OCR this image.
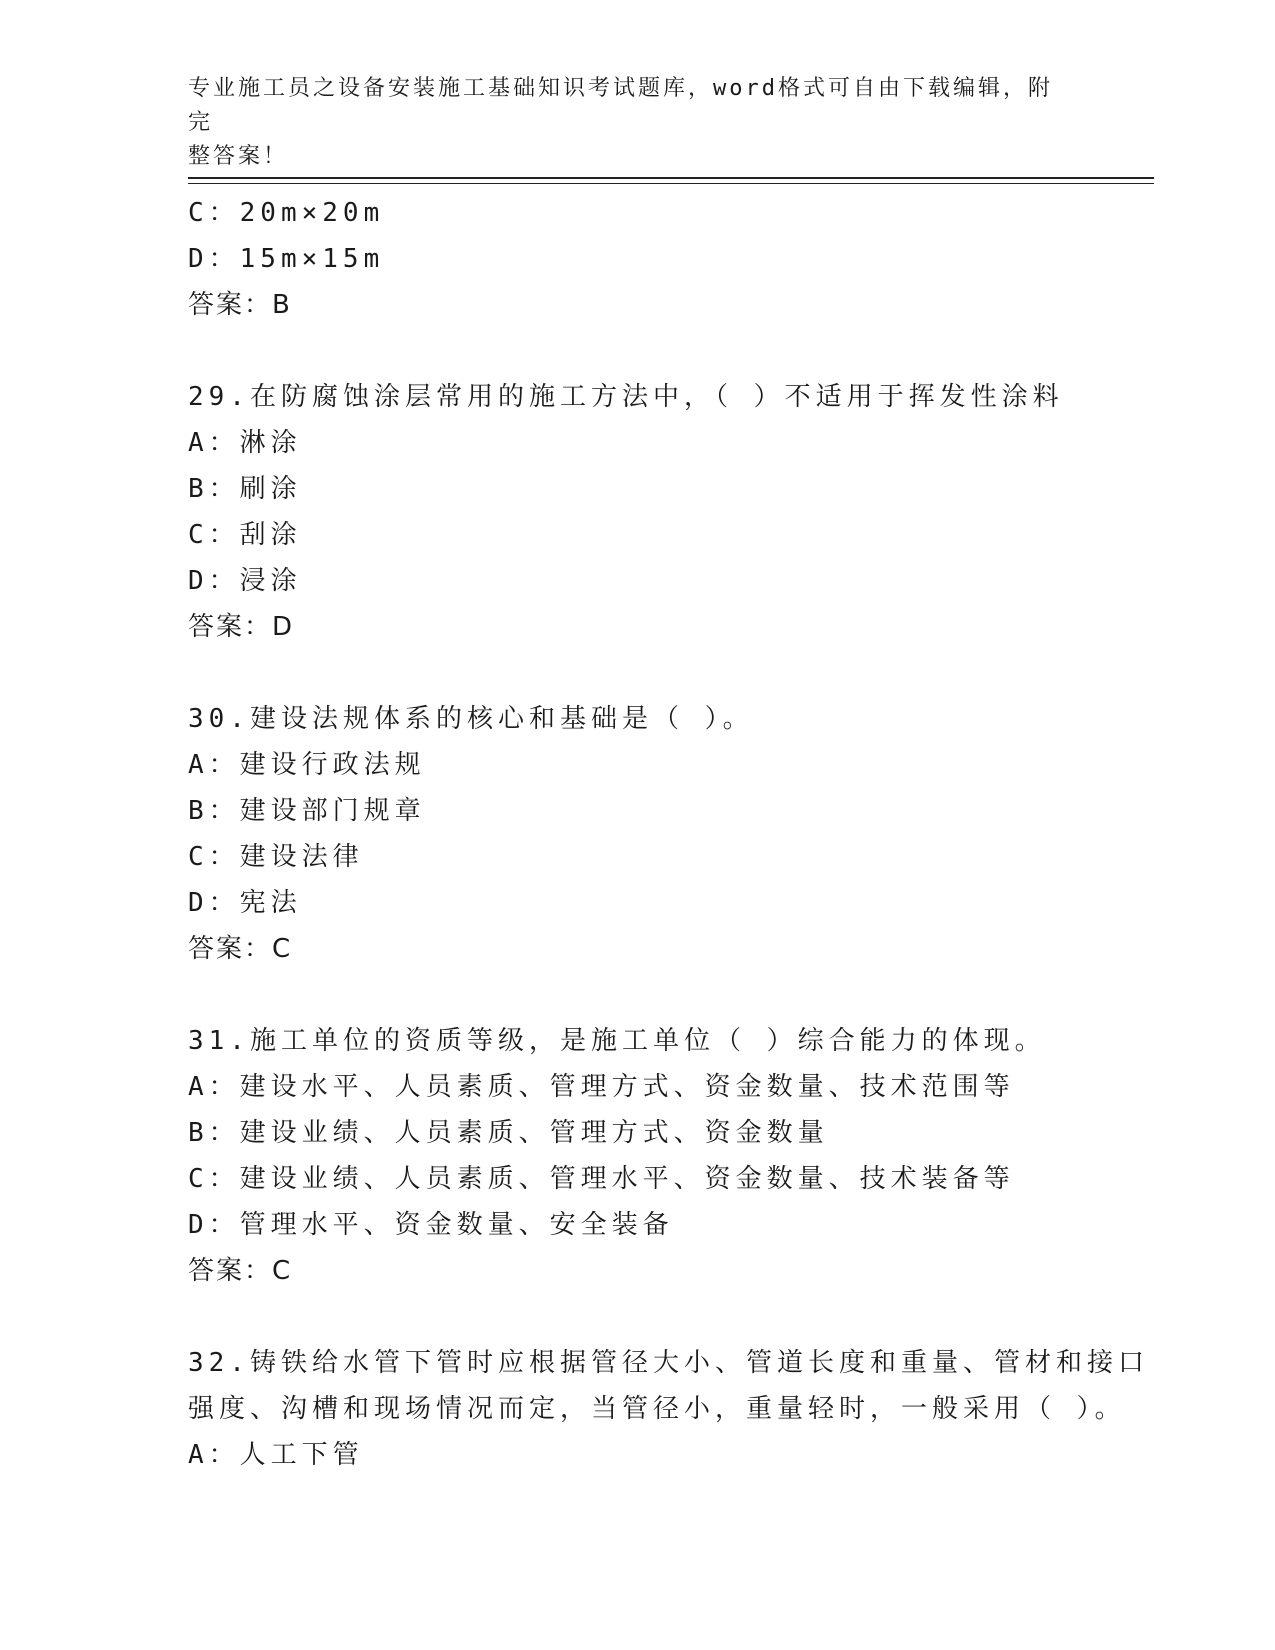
专业施工员之设备安装施工基础知识考试题库，word格式可自由下载编辑，附完
整答案！
C：20m×20m
D：15m×15m
答案：B
29.在防腐蚀涂层常用的施工方法中，（ ）不适用于挥发性涂料
A：淋涂
B：刷涂
C：刮涂
D：浸涂
答案：D
30.建设法规体系的核心和基础是（ ）。
A：建设行政法规
B：建设部门规章
C：建设法律
D：宪法
答案：C
31.施工单位的资质等级，是施工单位（ ）综合能力的体现。
A：建设水平、人员素质、管理方式、资金数量、技术范围等
B：建设业绩、人员素质、管理方式、资金数量
C：建设业绩、人员素质、管理水平、资金数量、技术装备等
D：管理水平、资金数量、安全装备
答案：C
32.铸铁给水管下管时应根据管径大小、管道长度和重量、管材和接口
强度、沟槽和现场情况而定，当管径小，重量轻时，一般采用（ ）。
A：人工下管
